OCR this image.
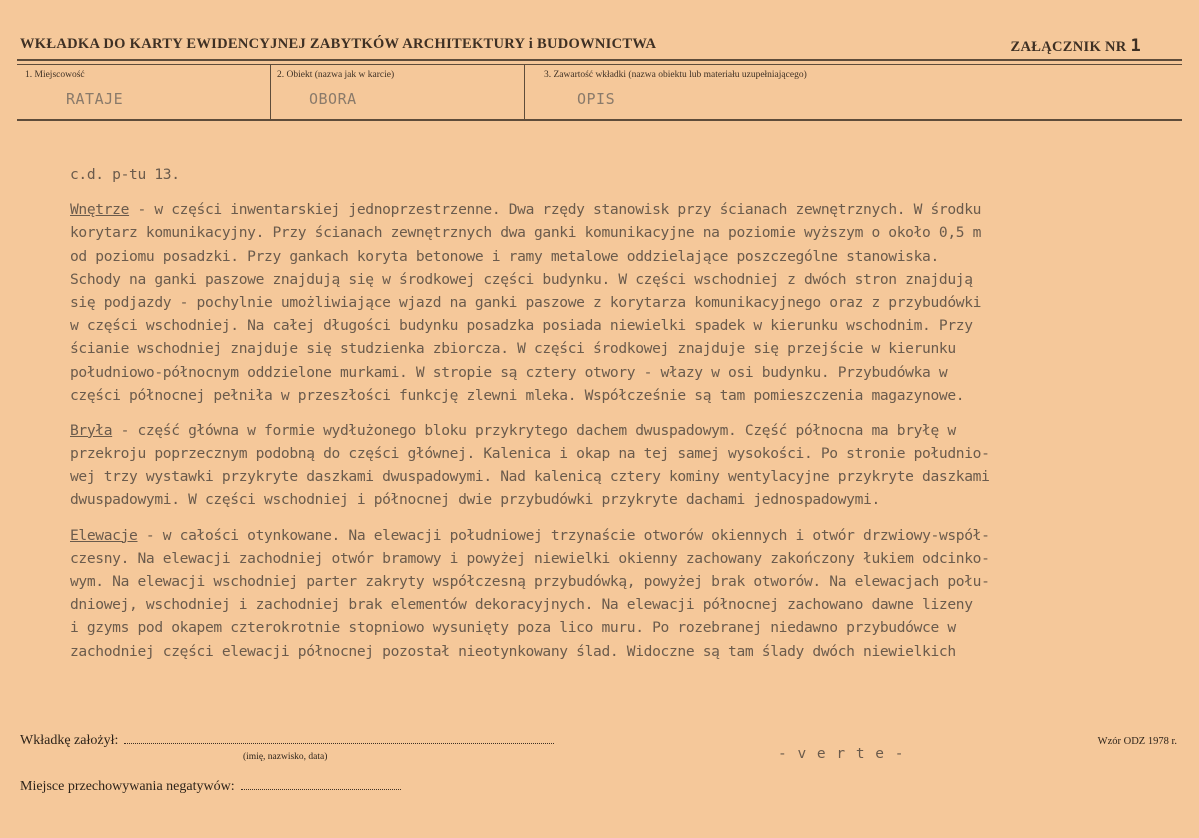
WKŁADKA DO KARTY EWIDENCYJNEJ ZABYTKÓW ARCHITEKTURY i BUDOWNICTWA	ZAŁĄCZNIK NR 1
1. Miejscowość
RATAJE
2. Obiekt (nazwa jak w karcie)
OBORA
3. Zawartość wkładki (nazwa obiektu lub materiału uzupełniającego)
OPIS
c.d. p-tu 13.
Wnętrze - w części inwentarskiej jednoprzestrzenne. Dwa rzędy stanowisk przy ścianach zewnętrznych. W środku
korytarz komunikacyjny. Przy ścianach zewnętrznych dwa ganki komunikacyjne na poziomie wyższym o około 0,5 m
od poziomu posadzki. Przy gankach koryta betonowe i ramy metalowe oddzielające poszczególne stanowiska.
Schody na ganki paszowe znajdują się w środkowej części budynku. W części wschodniej z dwóch stron znajdują
się podjazdy - pochylnie umożliwiające wjazd na ganki paszowe z korytarza komunikacyjnego oraz z przybudówki
w części wschodniej. Na całej długości budynku posadzka posiada niewielki spadek w kierunku wschodnim. Przy
ścianie wschodniej znajduje się studzienka zbiorcza. W części środkowej znajduje się przejście w kierunku
południowo-północnym oddzielone murkami. W stropie są cztery otwory - włazy w osi budynku. Przybudówka w
części północnej pełniła w przeszłości funkcję zlewni mleka. Współcześnie są tam pomieszczenia magazynowe.
Bryła - część główna w formie wydłużonego bloku przykrytego dachem dwuspadowym. Część północna ma bryłę w
przekroju poprzecznym podobną do części głównej. Kalenica i okap na tej samej wysokości. Po stronie południo-
wej trzy wystawki przykryte daszkami dwuspadowymi. Nad kalenicą cztery kominy wentylacyjne przykryte daszkami
dwuspadowymi. W części wschodniej i północnej dwie przybudówki przykryte dachami jednospadowymi.
Elewacje - w całości otynkowane. Na elewacji południowej trzynaście otworów okiennych i otwór drzwiowy-współ-
czesny. Na elewacji zachodniej otwór bramowy i powyżej niewielki okienny zachowany zakończony łukiem odcinko-
wym. Na elewacji wschodniej parter zakryty współczesną przybudówką, powyżej brak otworów. Na elewacjach połu-
dniowej, wschodniej i zachodniej brak elementów dekoracyjnych. Na elewacji północnej zachowano dawne lizeny
i gzyms pod okapem czterokrotnie stopniowo wysunięty poza lico muru. Po rozebranej niedawno przybudówce w
zachodniej części elewacji północnej pozostał nieotynkowany ślad. Widoczne są tam ślady dwóch niewielkich
Wkładkę założył:
(imię, nazwisko, data)	- v e r t e -
Wzór ODZ 1978 r.
Miejsce przechowywania negatywów:
